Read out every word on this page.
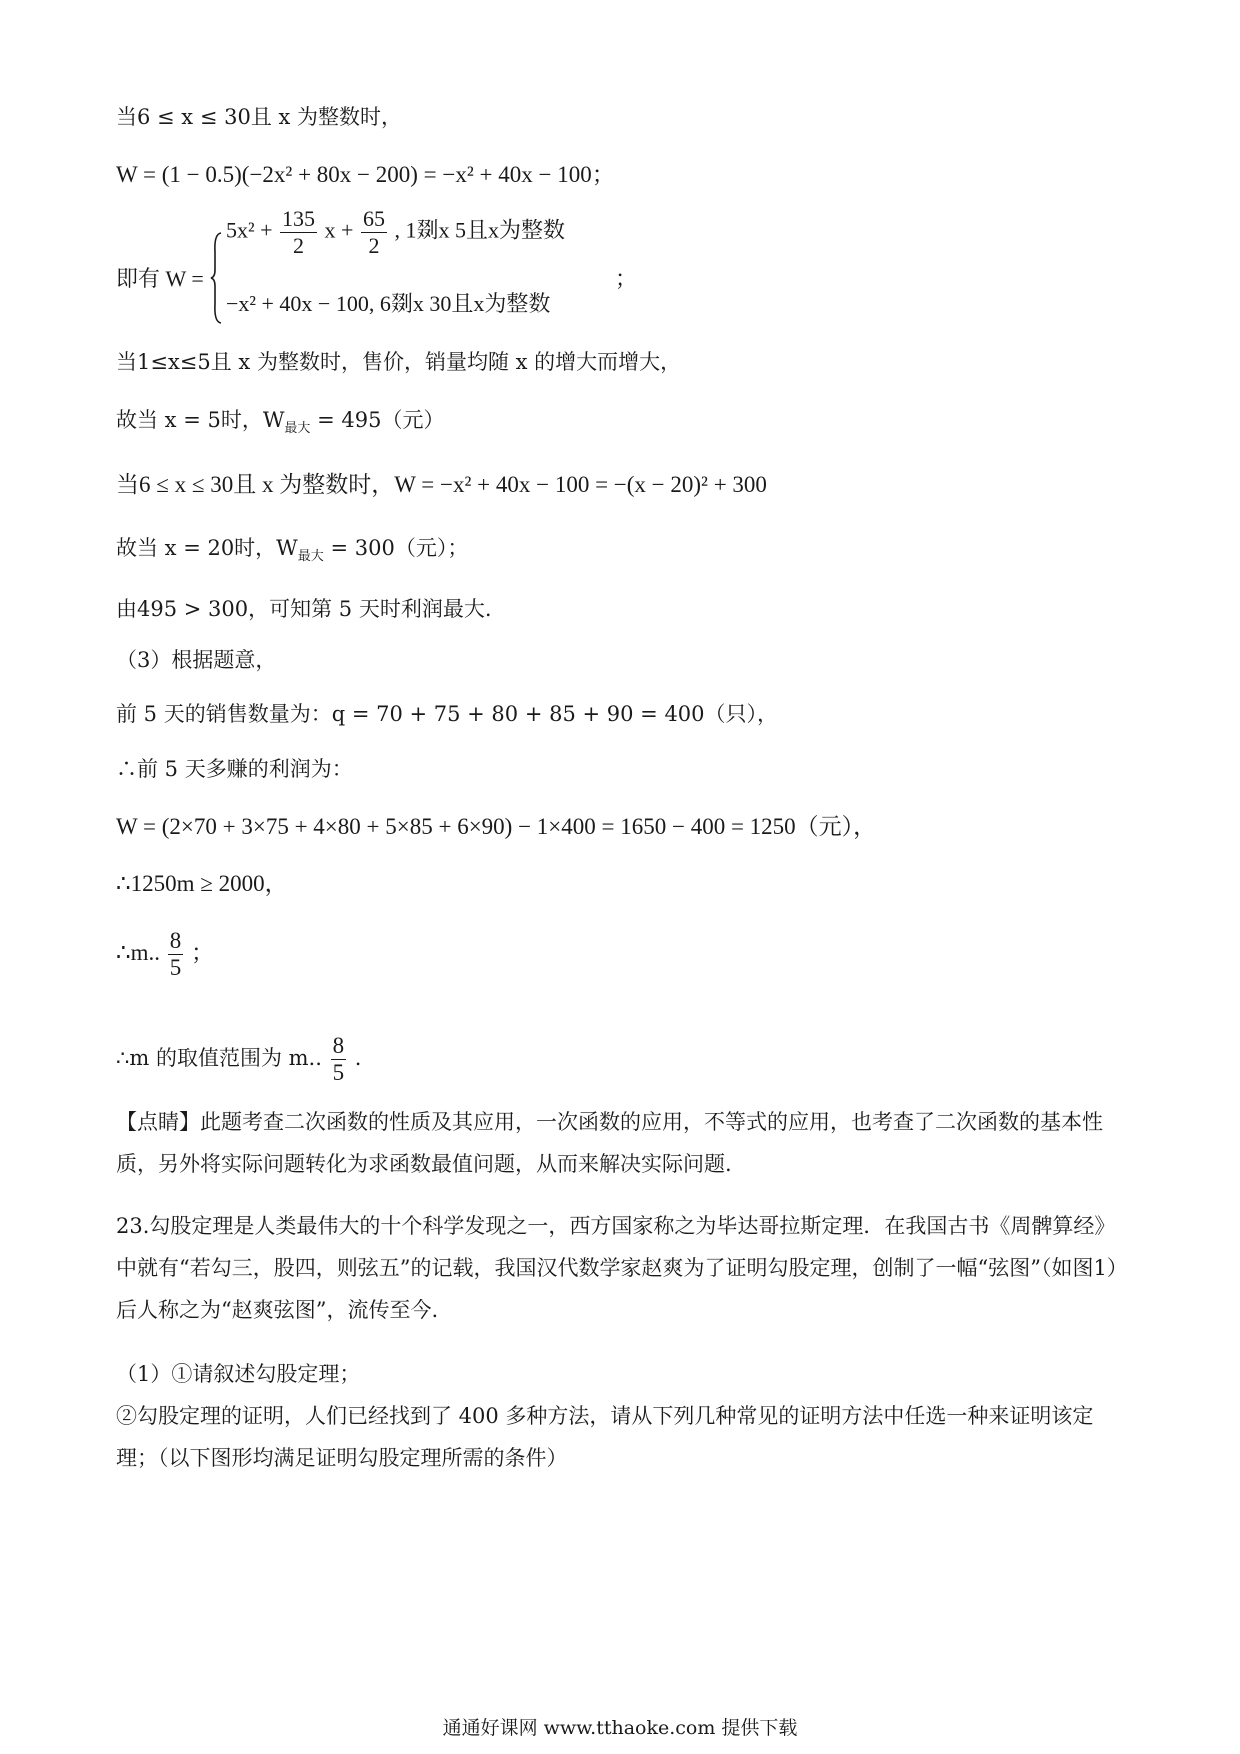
当6 ≤ x ≤ 30且 x 为整数时，
W = (1 − 0.5)(−2x² + 80x − 200) = −x² + 40x − 100；
即有 W =
$5x^2 + \frac{135}{2}$ $x + \frac{65}{2}$ , 1剟x 5且x为整数
−x² + 40x − 100, 6剟x 30且x为整数
；
当1≤x≤5且 x 为整数时，售价，销量均随 x 的增大而增大，
故当 x = 5时，$W_{最大} = 495$（元）
当6 ≤ x ≤ 30且 x 为整数时，W = −x² + 40x − 100 = −(x − 20)² + 300
故当 x = 20时，$W_{最大} = 300$（元）；
由495 > 300，可知第 5 天时利润最大.
（3）根据题意，
前 5 天的销售数量为：q = 70 + 75 + 80 + 85 + 90 = 400（只），
∴前 5 天多赚的利润为：
W = (2×70 + 3×75 + 4×80 + 5×85 + 6×90) − 1×400 = 1650 − 400 = 1250（元），
∴1250m ≥ 2000，
∴m.. $\frac{8}{5}$ ；
∴m 的取值范围为 m.. $\frac{8}{5}$ .
【点睛】此题考查二次函数的性质及其应用，一次函数的应用，不等式的应用，也考查了二次函数的基本性质，另外将实际问题转化为求函数最值问题，从而来解决实际问题.
23.勾股定理是人类最伟大的十个科学发现之一，西方国家称之为毕达哥拉斯定理．在我国古书《周髀算经》中就有“若勾三，股四，则弦五”的记载，我国汉代数学家赵爽为了证明勾股定理，创制了一幅“弦图”（如图1）后人称之为“赵爽弦图”，流传至今.
（1）①请叙述勾股定理；
②勾股定理的证明，人们已经找到了 400 多种方法，请从下列几种常见的证明方法中任选一种来证明该定理；（以下图形均满足证明勾股定理所需的条件）
通通好课网 www.tthaoke.com 提供下载
